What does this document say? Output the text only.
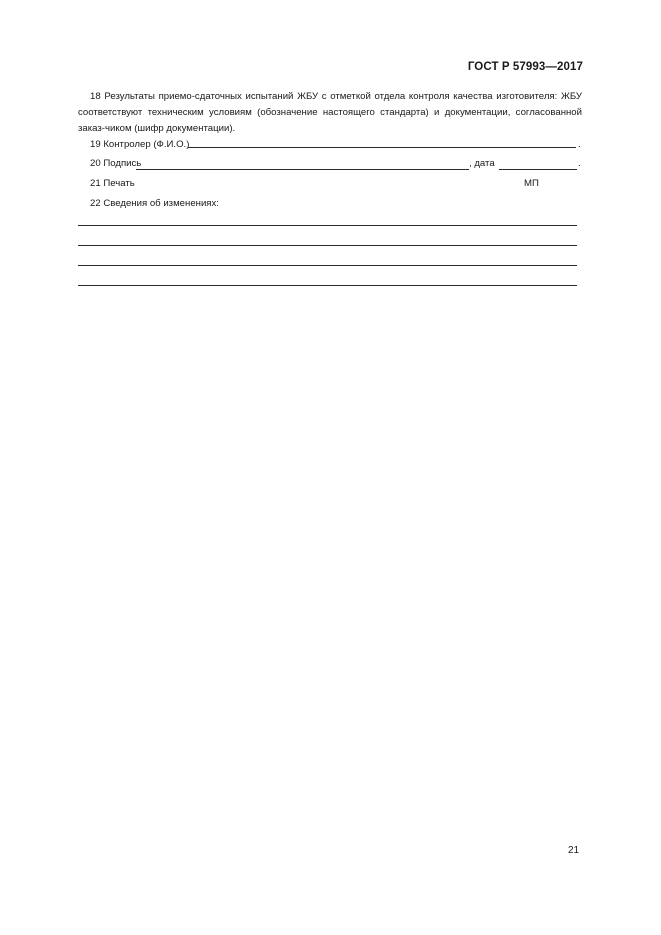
ГОСТ Р 57993—2017
18 Результаты приемо-сдаточных испытаний ЖБУ с отметкой отдела контроля качества изготовителя: ЖБУ соответствуют техническим условиям (обозначение настоящего стандарта) и документации, согласованной заказ-чиком (шифр документации).
19 Контролер (Ф.И.О.)	.
20 Подпись	, дата	.
21 Печать	МП
22 Сведения об изменениях:
21
